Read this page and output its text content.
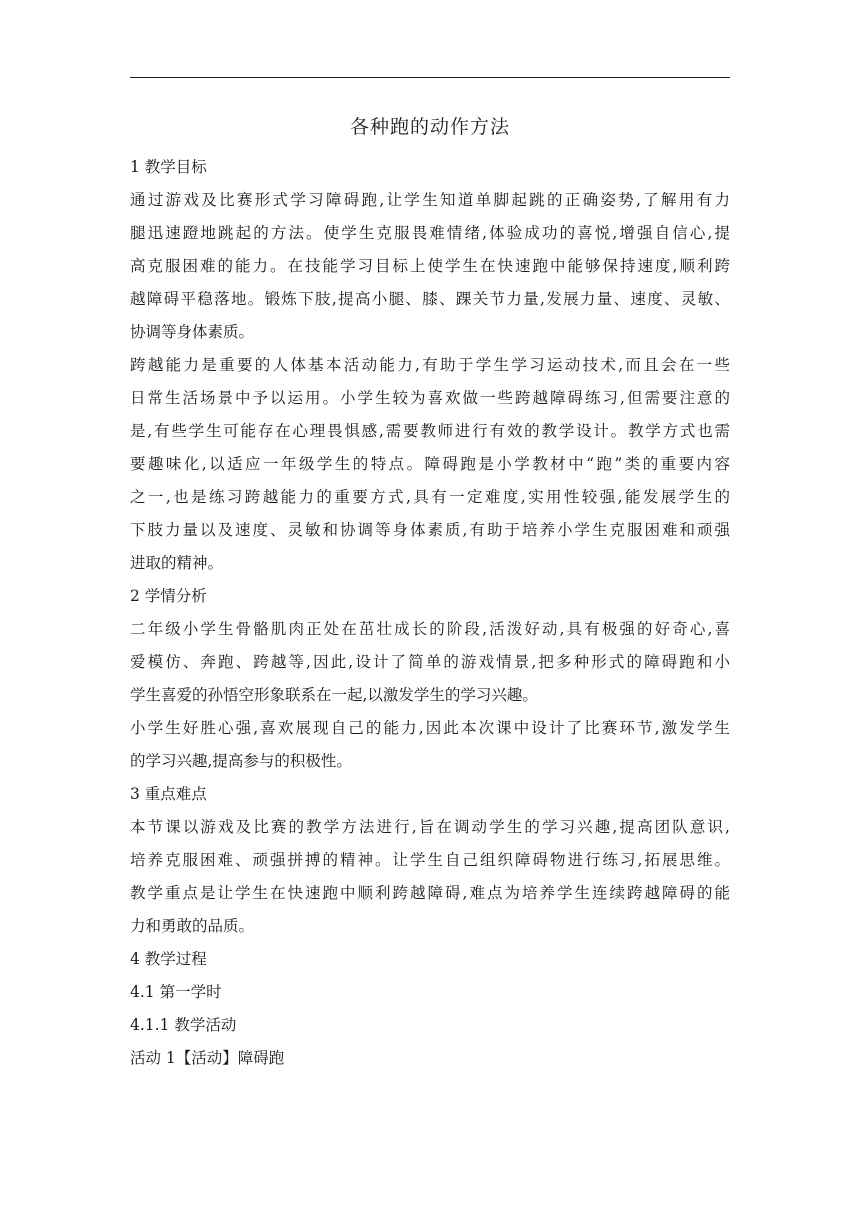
各种跑的动作方法
1 教学目标
通过游戏及比赛形式学习障碍跑,让学生知道单脚起跳的正确姿势,了解用有力
腿迅速蹬地跳起的方法。使学生克服畏难情绪,体验成功的喜悦,增强自信心,提
高克服困难的能力。在技能学习目标上使学生在快速跑中能够保持速度,顺利跨
越障碍平稳落地。锻炼下肢,提高小腿、膝、踝关节力量,发展力量、速度、灵敏、
协调等身体素质。
跨越能力是重要的人体基本活动能力,有助于学生学习运动技术,而且会在一些
日常生活场景中予以运用。小学生较为喜欢做一些跨越障碍练习,但需要注意的
是,有些学生可能存在心理畏惧感,需要教师进行有效的教学设计。教学方式也需
要趣味化,以适应一年级学生的特点。障碍跑是小学教材中“跑”类的重要内容
之一,也是练习跨越能力的重要方式,具有一定难度,实用性较强,能发展学生的
下肢力量以及速度、灵敏和协调等身体素质,有助于培养小学生克服困难和顽强
进取的精神。
2 学情分析
二年级小学生骨骼肌肉正处在茁壮成长的阶段,活泼好动,具有极强的好奇心,喜
爱模仿、奔跑、跨越等,因此,设计了简单的游戏情景,把多种形式的障碍跑和小
学生喜爱的孙悟空形象联系在一起,以激发学生的学习兴趣。
小学生好胜心强,喜欢展现自己的能力,因此本次课中设计了比赛环节,激发学生
的学习兴趣,提高参与的积极性。
3 重点难点
本节课以游戏及比赛的教学方法进行,旨在调动学生的学习兴趣,提高团队意识,
培养克服困难、顽强拼搏的精神。让学生自己组织障碍物进行练习,拓展思维。
教学重点是让学生在快速跑中顺利跨越障碍,难点为培养学生连续跨越障碍的能
力和勇敢的品质。
4 教学过程
4.1 第一学时
4.1.1 教学活动
活动 1【活动】障碍跑
